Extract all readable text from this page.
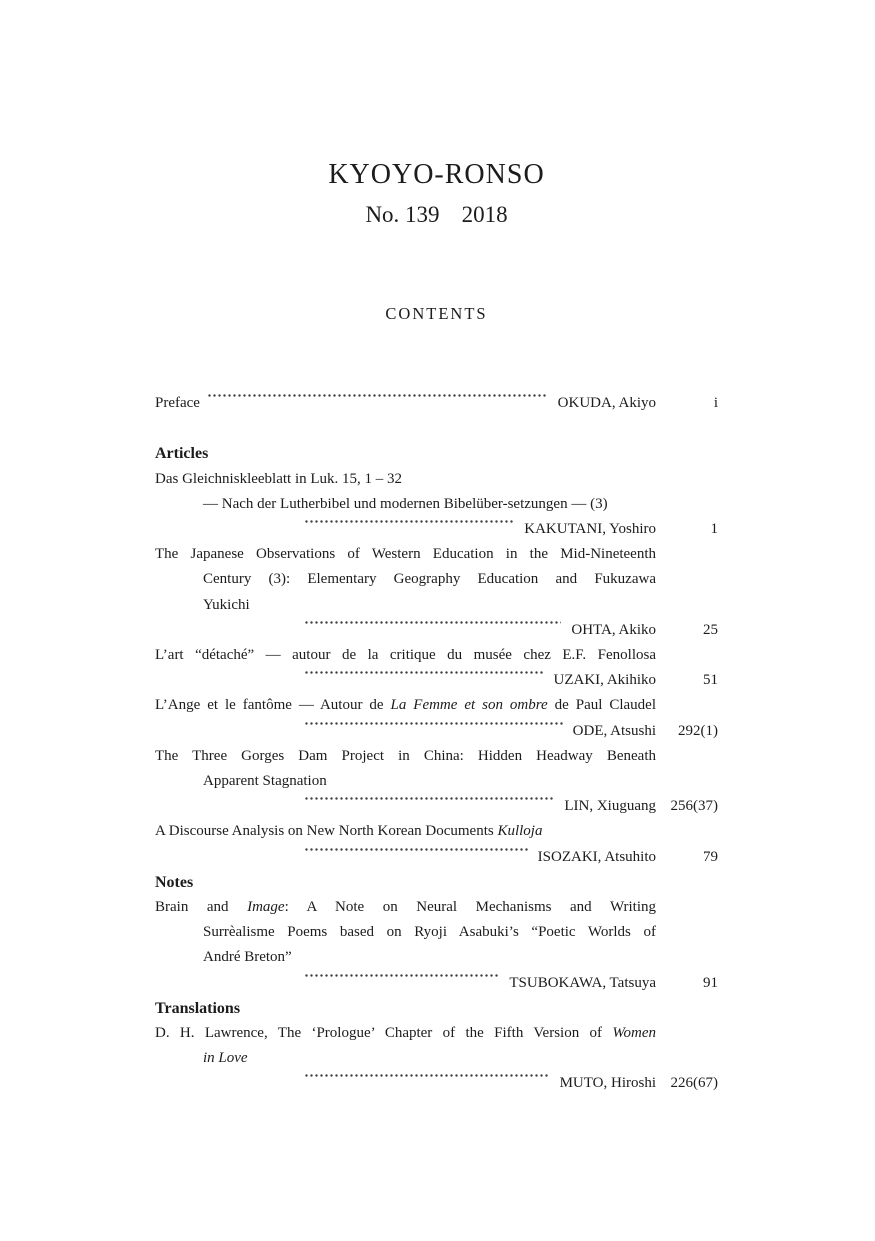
KYOYO-RONSO
No. 139 2018
CONTENTS
Preface	OKUDA, Akiyo	i
Articles
Das Gleichniskleeblatt in Luk. 15, 1 – 32
— Nach der Lutherbibel und modernen Bibelüber-setzungen — (3)
KAKUTANI, Yoshiro	1
The Japanese Observations of Western Education in the Mid-Nineteenth
Century (3): Elementary Geography Education and Fukuzawa
Yukichi
OHTA, Akiko	25
L’art “détaché” — autour de la critique du musée chez E.F. Fenollosa
UZAKI, Akihiko	51
L’Ange et le fantôme — Autour de La Femme et son ombre de Paul Claudel
ODE, Atsushi	292(1)
The Three Gorges Dam Project in China: Hidden Headway Beneath
Apparent Stagnation
LIN, Xiuguang 256(37)
A Discourse Analysis on New North Korean Documents Kulloja
ISOZAKI, Atsuhito	79
Notes
Brain and Image: A Note on Neural Mechanisms and Writing
Surrèalisme Poems based on Ryoji Asabuki’s “Poetic Worlds of
André Breton”
TSUBOKAWA, Tatsuya	91
Translations
D. H. Lawrence, The ‘Prologue’ Chapter of the Fifth Version of Women
in Love
MUTO, Hiroshi 226(67)
